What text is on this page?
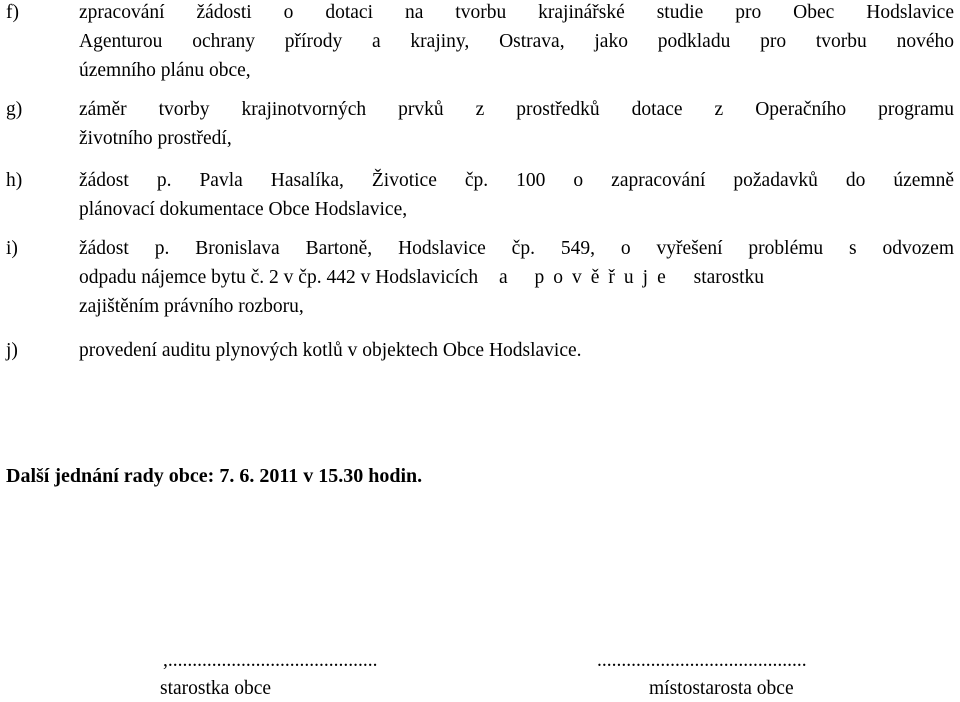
f)	zpracování žádosti o dotaci na tvorbu krajinářské studie pro Obec Hodslavice
Agenturou ochrany přírody a krajiny, Ostrava, jako podkladu pro tvorbu nového
územního plánu obce,
g)	záměr tvorby krajinotvorných prvků z prostředků dotace z Operačního programu
životního prostředí,
h)	žádost p. Pavla Hasalíka, Životice čp. 100 o zapracování požadavků do územně
plánovací dokumentace Obce Hodslavice,
i)	žádost p. Bronislava Bartoně, Hodslavice čp. 549, o vyřešení problému s odvozem
odpadu nájemce bytu č. 2 v čp. 442 v Hodslavicích a pověřuje starostku
zajištěním právního rozboru,
j)	provedení auditu plynových kotlů v objektech Obce Hodslavice.
Další jednání rady obce: 7. 6. 2011 v 15.30 hodin.
,...........................................
starostka obce
...........................................
místostarosta obce
